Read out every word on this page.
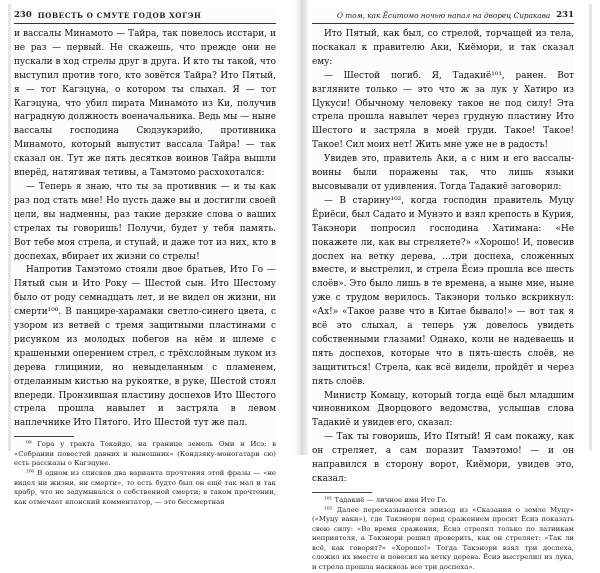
230 ПОВЕСТЬ О СМУТЕ ГОДОВ ХОГЭН

и вассалы Минамото — Тайра, так повелось исстари, и не раз — первый. Не скажешь, что прежде они не пускали в ход стрелы друг в друга. И кто ты такой, что выступил против того, кто зовётся Тайра? Ито Пятый, я — тот Кагэцуна, о котором ты слыхал. Я — тот Кагэцуна, что убил пирата Минамото из Ки, получив наградную должность военачальника. Ведь мы — ныне вассалы господина Сюдзукэрийо, противника Минамото, который выпустит вассала Тайра! — так сказал он. Тут же пять десятков воинов Тайра вышли вперёд, натягивая тетивы, а Тамэтомо расхохотался:

— Теперь я знаю, что ты за противник — и ты как раз под стать мне! Но пусть даже вы и достигли своей цели, вы надменны, раз такие дерзкие слова о ваших стрелах ты говоришь! Получи, будет у тебя память. Вот тебе моя стрела, и ступай, и даже тот из них, кто в доспехах, вбирает их жизни со стрелы!

Напротив Тамэтомо стояли двое братьев, Ито Го — Пятый сын и Ито Року — Шестой сын. Ито Шестому было от роду семнадцать лет, и не видел он жизни, ни смерти¹⁰⁰. В панцире-харамаки светло-синего цвета, с узором из ветвей с тремя защитными пластинами с рисунком из молодых побегов на нём и шлеме с крашеными оперением стрел, с трёхслойным луком из дерева глицинии, но невыделанным с пламенем, отделанным кистью на рукоятке, в руке, Шестой стоял впереди. Пронзившая пластину доспехов Ито Шестого стрела прошла навылет и застряла в левом наплечнике Ито Пятого. Ито Шестой тут же пал.

⁹⁹ Гора у тракта Токайдо, на границе земель Оми и Исэ; в «Собрании повестей давних и нынешних» (Кондзяку-моногатари сю) есть рассказы о Кагэцуне.

¹⁰⁰ В одном из списков два варианта прочтения этой фразы — «не видел ни жизни, ни смерти», то есть будто был он ещё так мал и так храбр, что не задумывался о собственной смерти; в таком прочтении, как отмечает японский комментатор, — это бессмертная

О том, как Ёситомо ночью напал на дворец Сиракава 231

Ито Пятый, как был, со стрелой, торчащей из тела, поскакал к правителю Аки, Киёмори, и так сказал ему:

— Шестой погиб. Я, Тадакиё¹⁰¹, ранен. Вот взгляните только — это что ж за лук у Хатиро из Цукуси! Обычному человеку такое не под силу! Эта стрела прошла навылет через грудную пластину Ито Шестого и застряла в моей груди. Такое! Такое! Такое! Сил моих нет! Жить мне уже не в радость!

Увидев это, правитель Аки, а с ним и его вассалы-воины были поражены так, что лишь языки высовывали от удивления. Тогда Тадакиё заговорил:

— В старину¹⁰², когда господин правитель Муцу Ёриёси, был Садато и Мунэто и взял крепость в Курия, Такэнори попросил господина Хатимана: «Не покажете ли, как вы стреляете?» «Хорошо! И, повесив доспех на ветку дерева, ...три доспеха, сложенных вместе, и выстрелил, и стрела Ёсиэ прошла все шесть слоёв». Это было лишь в те времена, а ныне мне, ныне уже с трудом верилось. Такэнори только вскрикнул: «Ах!» «Такое разве что в Китае бывало!» — вот так я всё это слыхал, а теперь уж довелось увидеть собственными глазами! Однако, коли не надеваешь и пять доспехов, которые что в пять-шесть слоёв, не защититься! Стрела, как всё видели, пройдёт и через пять слоёв.

Министр Комацу, который тогда ещё был младшим чиновником Дворцового ведомства, услышав слова Тадакиё и увидев его, сказал:

— Так ты говоришь, Ито Пятый! Я сам покажу, как он стреляет, а сам поразит Тамэтомо! — и он направился в сторону ворот, Киёмори, увидев это, сказал:

¹⁰¹ Тадакиё — личное имя Ито Го.

¹⁰² Далее пересказывается эпизод из «Сказания о земле Муцу» («Муцу ваки»), где Такэнори перед сражением просит Ёсиэ показать свою силу: «Во время сражения, Ёсиэ стрелял только по латникам неприятеля, а Такэнори решил проверить, как он стреляет: «Так ли всё, как говорят?» «Хорошо!» Тогда Такэнори взял три доспеха, сложил их вместе и повесил на ветку дерева. Ёсиэ выстрелил из лука, и стрела прошла насквозь все три доспеха».
